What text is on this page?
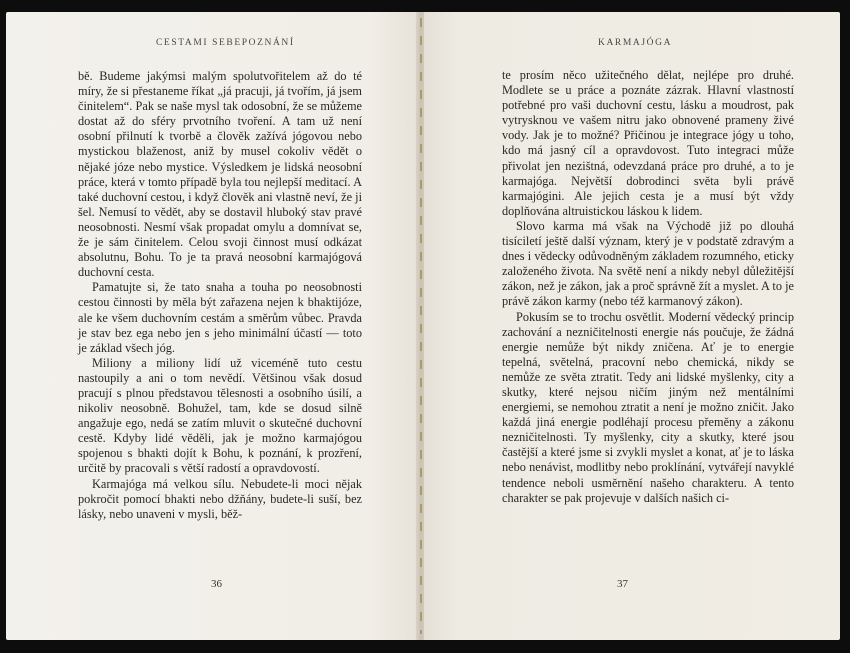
CESTAMI SEBEPOZNÁNÍ

bě. Budeme jakýmsi malým spolutvořitelem až do té míry, že si přestaneme říkat „já pracuji, já tvořím, já jsem činitelem“. Pak se naše mysl tak odosobní, že se můžeme dostat až do sféry prvotního tvoření. A tam už není osobní přilnutí k tvorbě a člověk zažívá jógovou nebo mystickou blaženost, aniž by musel cokoliv vědět o nějaké józe nebo mystice. Výsledkem je lidská neosobní práce, která v tomto případě byla tou nejlepší meditací. A také duchovní cestou, i když člověk ani vlastně neví, že ji šel. Nemusí to vědět, aby se dostavil hluboký stav pravé neosobnosti. Nesmí však propadat omylu a domnívat se, že je sám činitelem. Celou svoji činnost musí odkázat absolutnu, Bohu. To je ta pravá neosobní karmajógová duchovní cesta.

Pamatujte si, že tato snaha a touha po neosobnosti cestou činnosti by měla být zařazena nejen k bhaktijóze, ale ke všem duchovním cestám a směrům vůbec. Pravda je stav bez ega nebo jen s jeho minimální účastí — toto je základ všech jóg.

Miliony a miliony lidí už viceméně tuto cestu nastoupily a ani o tom nevědí. Většinou však dosud pracují s plnou představou tělesnosti a osobního úsilí, a nikoliv neosobně. Bohužel, tam, kde se dosud silně angažuje ego, nedá se zatím mluvit o skutečné duchovní cestě. Kdyby lidé věděli, jak je možno karmajógou spojenou s bhakti dojít k Bohu, k poznání, k prozření, určitě by pracovali s větší radostí a opravdovostí.

Karmajóga má velkou sílu. Nebudete-li moci nějak pokročit pomocí bhakti nebo džňány, budete-li suší, bez lásky, nebo unaveni v mysli, běž-

36
KARMAJÓGA

te prosím něco užitečného dělat, nejlépe pro druhé. Modlete se u práce a poznáte zázrak. Hlavní vlastností potřebné pro vaši duchovní cestu, lásku a moudrost, pak vytrysknou ve vašem nitru jako obnovené prameny živé vody. Jak je to možné? Přičinou je integrace jógy u toho, kdo má jasný cíl a opravdovost. Tuto integraci může přivolat jen nezištná, odevzdaná práce pro druhé, a to je karmajóga. Největší dobrodinci světa byli právě karmajógini. Ale jejich cesta je a musí být vždy doplňována altruistickou láskou k lidem.

Slovo karma má však na Východě již po dlouhá tisíciletí ještě další význam, který je v podstatě zdravým a dnes i vědecky odůvodněným základem rozumného, eticky založeného života. Na světě není a nikdy nebyl důležitější zákon, než je zákon, jak a proč správně žít a myslet. A to je právě zákon karmy (nebo též karmanový zákon).

Pokusím se to trochu osvětlit. Moderní vědecký princip zachování a nezničitelnosti energie nás poučuje, že žádná energie nemůže být nikdy zničena. Ať je to energie tepelná, světelná, pracovní nebo chemická, nikdy se nemůže ze světa ztratit. Tedy ani lidské myšlenky, city a skutky, které nejsou ničím jiným než mentálními energiemi, se nemohou ztratit a není je možno zničit. Jako každá jiná energie podléhají procesu přeměny a zákonu nezničitelnosti. Ty myšlenky, city a skutky, které jsou častější a které jsme si zvykli myslet a konat, ať je to láska nebo nenávist, modlitby nebo proklínání, vytvářejí navyklé tendence neboli usměrnění našeho charakteru. A tento charakter se pak projevuje v dalších našich ci-

37
